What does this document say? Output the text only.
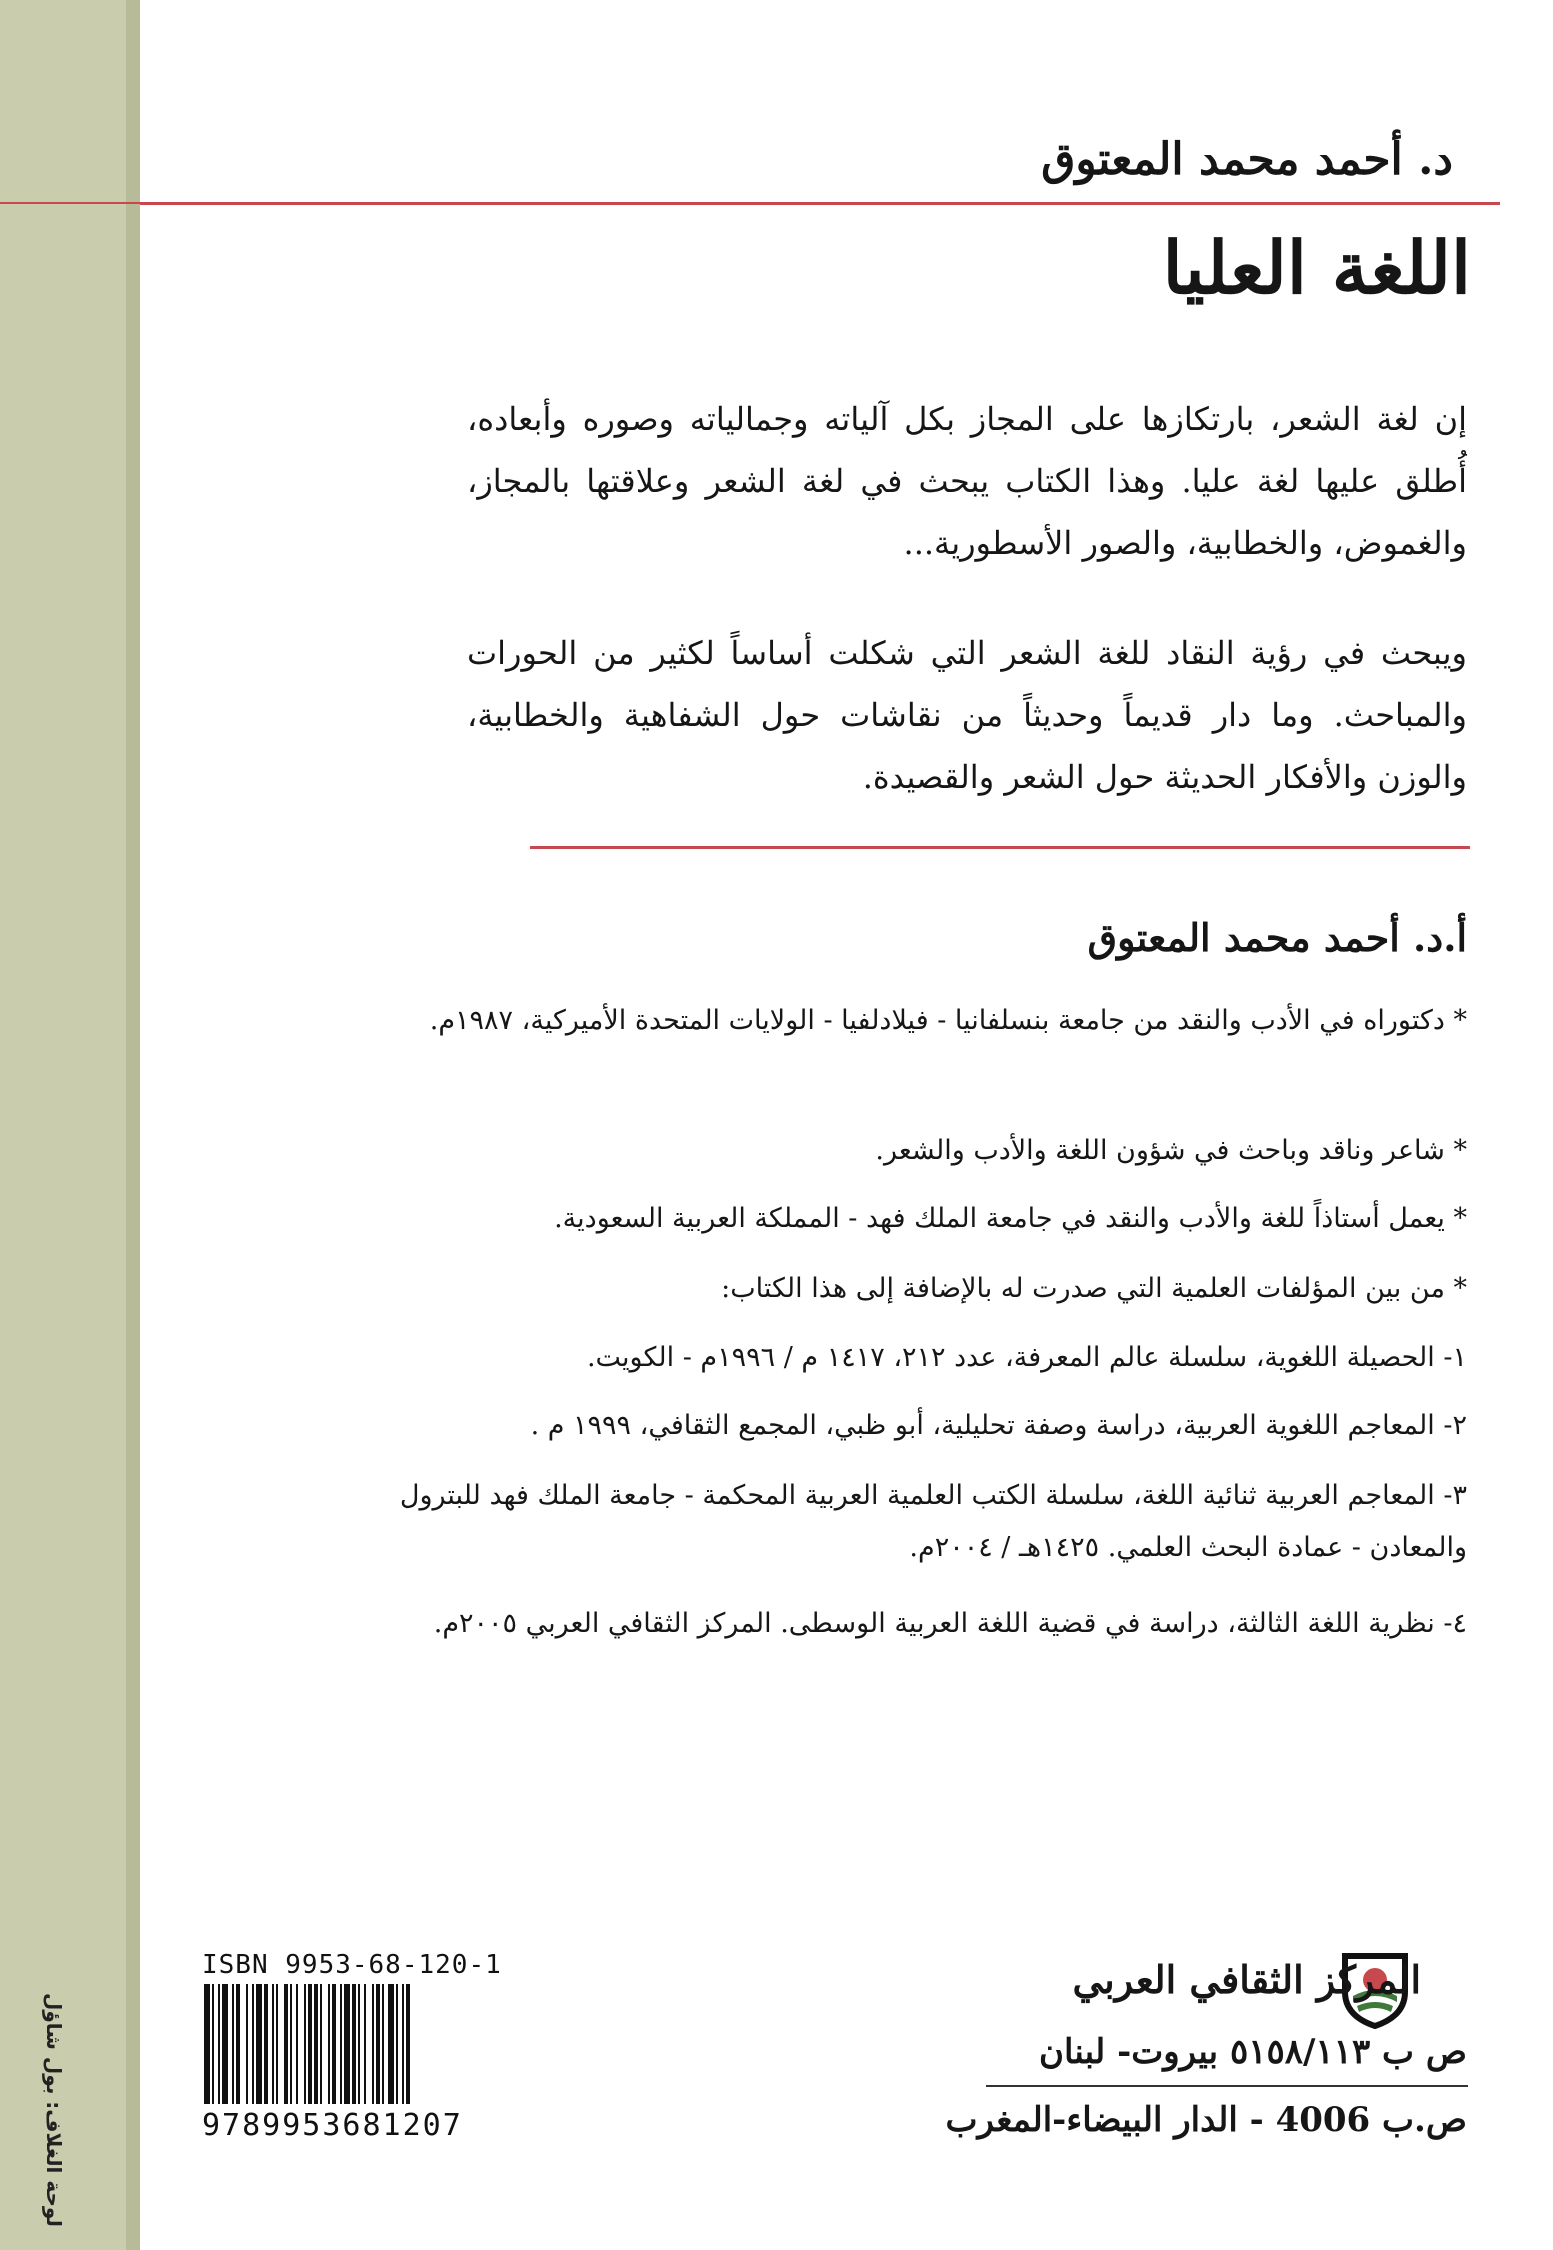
لوحة الغلاف: بول شاؤل
د. أحمد محمد المعتوق
اللغة العليا
إن لغة الشعر، بارتكازها على المجاز بكل آلياته وجمالياته وصوره وأبعاده، أُطلق عليها لغة عليا. وهذا الكتاب يبحث في لغة الشعر وعلاقتها بالمجاز، والغموض، والخطابية، والصور الأسطورية...
ويبحث في رؤية النقاد للغة الشعر التي شكلت أساساً لكثير من الحورات والمباحث. وما دار قديماً وحديثاً من نقاشات حول الشفاهية والخطابية، والوزن والأفكار الحديثة حول الشعر والقصيدة.
أ.د. أحمد محمد المعتوق
* دكتوراه في الأدب والنقد من جامعة بنسلفانيا - فيلادلفيا - الولايات المتحدة الأميركية، ١٩٨٧م.
* شاعر وناقد وباحث في شؤون اللغة والأدب والشعر.
* يعمل أستاذاً للغة والأدب والنقد في جامعة الملك فهد - المملكة العربية السعودية.
* من بين المؤلفات العلمية التي صدرت له بالإضافة إلى هذا الكتاب:
١- الحصيلة اللغوية، سلسلة عالم المعرفة، عدد ٢١٢، ١٤١٧ م / ١٩٩٦م - الكويت.
٢- المعاجم اللغوية العربية، دراسة وصفة تحليلية، أبو ظبي، المجمع الثقافي، ١٩٩٩ م .
٣- المعاجم العربية ثنائية اللغة، سلسلة الكتب العلمية العربية المحكمة - جامعة الملك فهد للبترول والمعادن - عمادة البحث العلمي. ١٤٢٥هـ / ٢٠٠٤م.
٤- نظرية اللغة الثالثة، دراسة في قضية اللغة العربية الوسطى. المركز الثقافي العربي ٢٠٠٥م.
ISBN 9953-68-120-1
9789953681207
المركز الثقافي العربي
ص ب ٥١٥٨/١١٣ بيروت- لبنان
ص.ب 4006 - الدار البيضاء-المغرب
